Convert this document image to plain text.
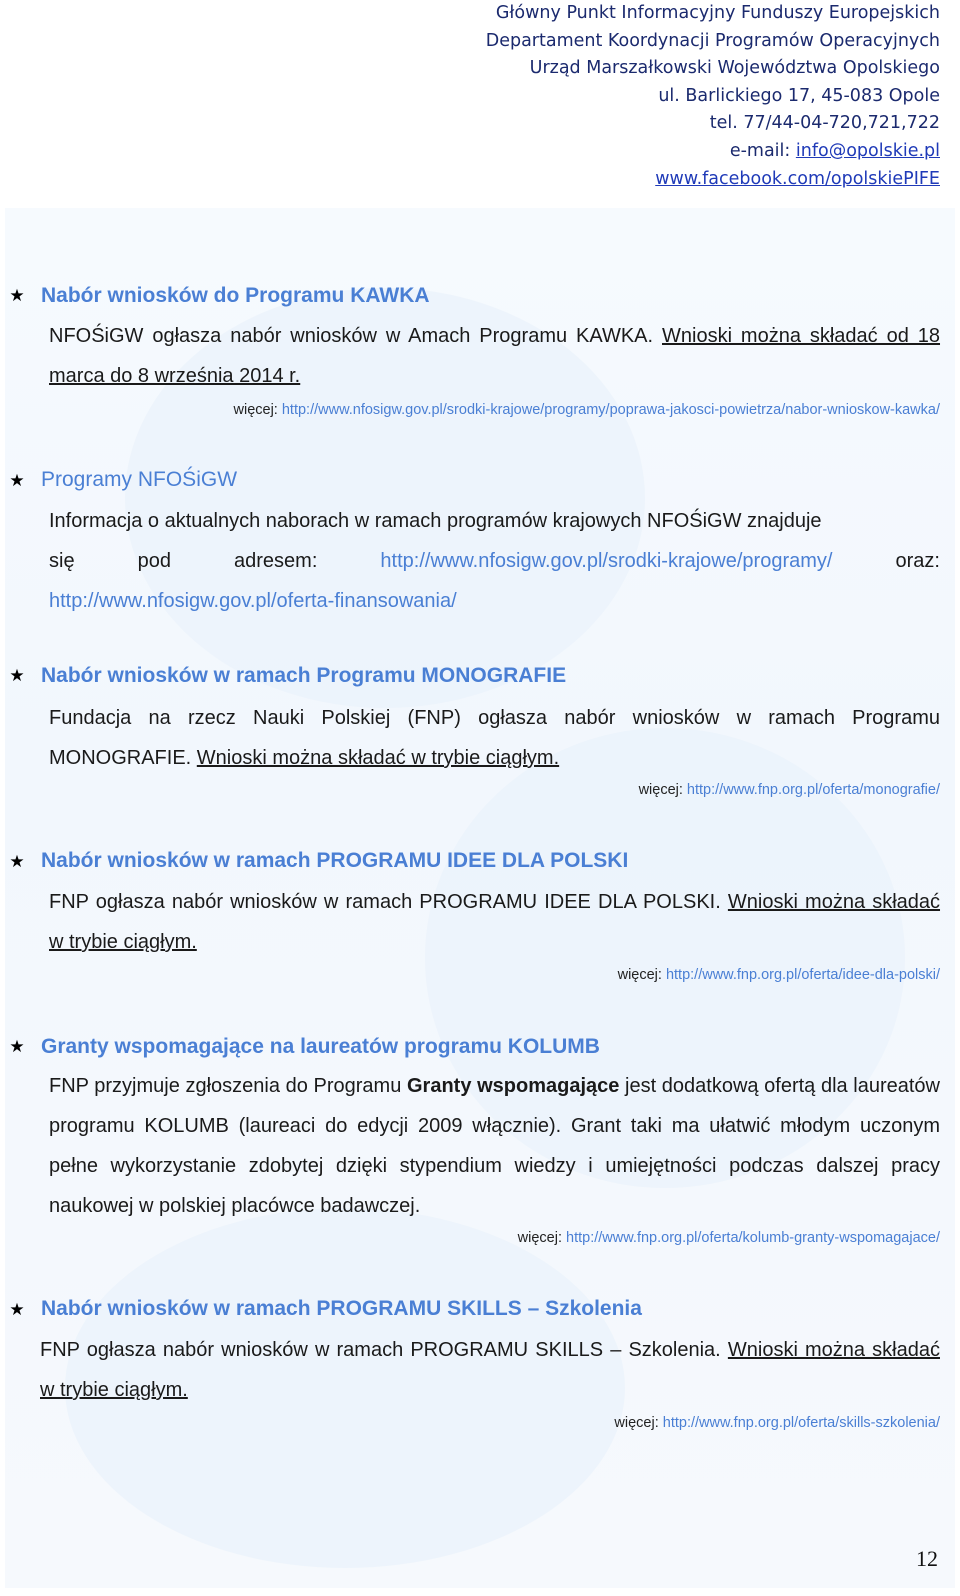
Główny Punkt Informacyjny Funduszy Europejskich
Departament Koordynacji Programów Operacyjnych
Urząd Marszałkowski Województwa Opolskiego
ul. Barlickiego 17, 45-083 Opole
tel. 77/44-04-720,721,722
e-mail: info@opolskie.pl
www.facebook.com/opolskiePIFE
★ Nabór wniosków do Programu KAWKA
NFOŚiGW ogłasza nabór wniosków w Amach Programu KAWKA. Wnioski można składać od 18 marca do 8 września 2014 r.
więcej: http://www.nfosigw.gov.pl/srodki-krajowe/programy/poprawa-jakosci-powietrza/nabor-wnioskow-kawka/
★ Programy NFOŚiGW
Informacja o aktualnych naborach w ramach programów krajowych NFOŚiGW znajduje
się	pod	adresem:	http://www.nfosigw.gov.pl/srodki-krajowe/programy/	oraz:
http://www.nfosigw.gov.pl/oferta-finansowania/
★ Nabór wniosków w ramach Programu MONOGRAFIE
Fundacja na rzecz Nauki Polskiej (FNP) ogłasza nabór wniosków w ramach Programu MONOGRAFIE. Wnioski można składać w trybie ciągłym.
więcej: http://www.fnp.org.pl/oferta/monografie/
★ Nabór wniosków w ramach PROGRAMU IDEE DLA POLSKI
FNP ogłasza nabór wniosków w ramach PROGRAMU IDEE DLA POLSKI. Wnioski można składać w trybie ciągłym.
więcej: http://www.fnp.org.pl/oferta/idee-dla-polski/
★ Granty wspomagające na laureatów programu KOLUMB
FNP przyjmuje zgłoszenia do Programu Granty wspomagające jest dodatkową ofertą dla laureatów programu KOLUMB (laureaci do edycji 2009 włącznie). Grant taki ma ułatwić młodym uczonym pełne wykorzystanie zdobytej dzięki stypendium wiedzy i umiejętności podczas dalszej pracy naukowej w polskiej placówce badawczej.
więcej: http://www.fnp.org.pl/oferta/kolumb-granty-wspomagajace/
★ Nabór wniosków w ramach PROGRAMU SKILLS – Szkolenia
FNP ogłasza nabór wniosków w ramach PROGRAMU SKILLS – Szkolenia. Wnioski można składać w trybie ciągłym.
więcej: http://www.fnp.org.pl/oferta/skills-szkolenia/
12
